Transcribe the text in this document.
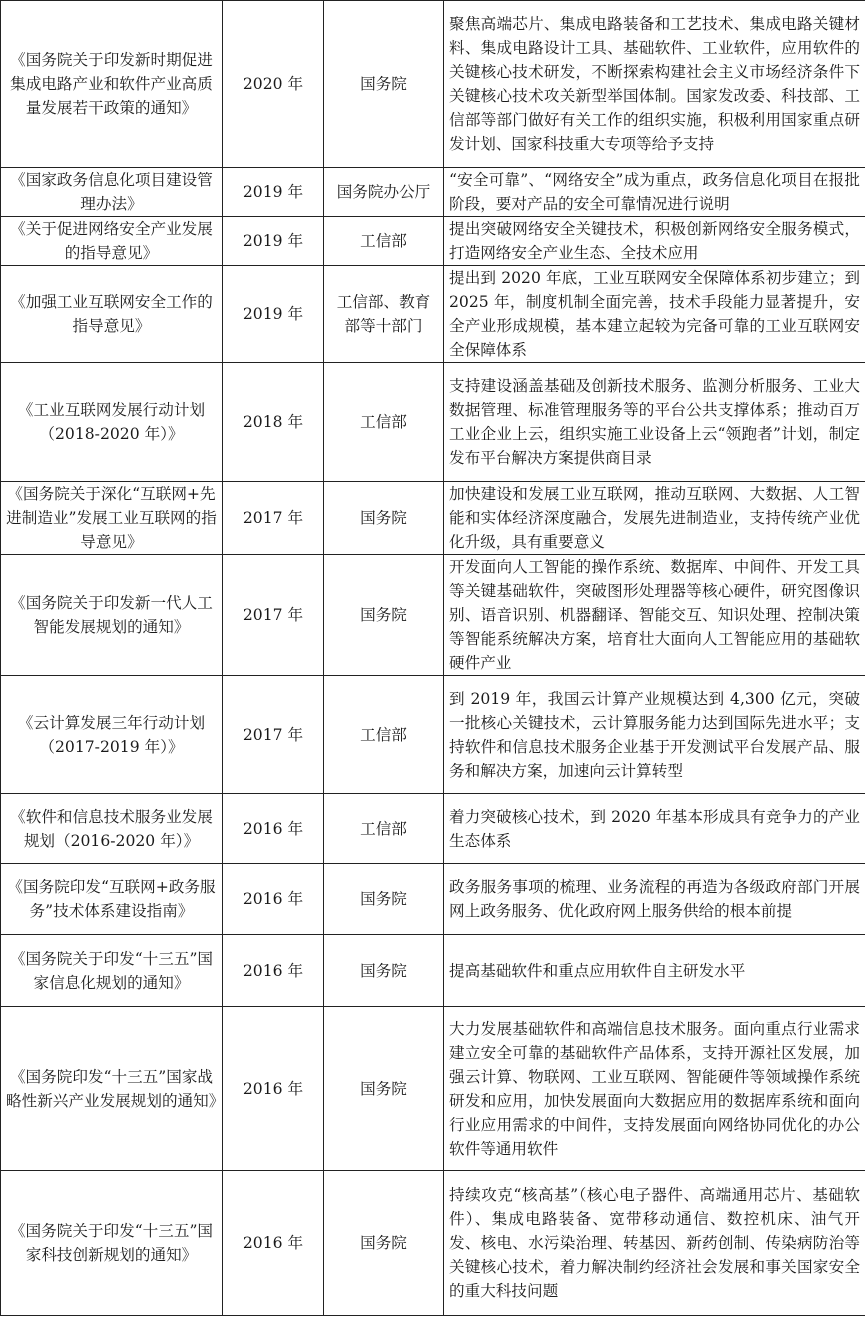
《国务院关于印发新时期促进集成电路产业和软件产业高质量发展若干政策的通知》	2020 年	国务院	聚焦高端芯片、集成电路装备和工艺技术、集成电路关键材料、集成电路设计工具、基础软件、工业软件，应用软件的关键核心技术研发，不断探索构建社会主义市场经济条件下关键核心技术攻关新型举国体制。国家发改委、科技部、工信部等部门做好有关工作的组织实施，积极利用国家重点研发计划、国家科技重大专项等给予支持
《国家政务信息化项目建设管理办法》	2019 年	国务院办公厅	“安全可靠”、“网络安全”成为重点，政务信息化项目在报批阶段，要对产品的安全可靠情况进行说明
《关于促进网络安全产业发展的指导意见》	2019 年	工信部	提出突破网络安全关键技术，积极创新网络安全服务模式，打造网络安全产业生态、全技术应用
《加强工业互联网安全工作的指导意见》	2019 年	工信部、教育部等十部门	提出到 2020 年底，工业互联网安全保障体系初步建立；到 2025 年，制度机制全面完善，技术手段能力显著提升，安全产业形成规模，基本建立起较为完备可靠的工业互联网安全保障体系
《工业互联网发展行动计划（2018-2020 年）》	2018 年	工信部	支持建设涵盖基础及创新技术服务、监测分析服务、工业大数据管理、标准管理服务等的平台公共支撑体系；推动百万工业企业上云，组织实施工业设备上云“领跑者”计划，制定发布平台解决方案提供商目录
《国务院关于深化“互联网+先进制造业”发展工业互联网的指导意见》	2017 年	国务院	加快建设和发展工业互联网，推动互联网、大数据、人工智能和实体经济深度融合，发展先进制造业，支持传统产业优化升级，具有重要意义
《国务院关于印发新一代人工智能发展规划的通知》	2017 年	国务院	开发面向人工智能的操作系统、数据库、中间件、开发工具等关键基础软件，突破图形处理器等核心硬件，研究图像识别、语音识别、机器翻译、智能交互、知识处理、控制决策等智能系统解决方案，培育壮大面向人工智能应用的基础软硬件产业
《云计算发展三年行动计划（2017-2019 年）》	2017 年	工信部	到 2019 年，我国云计算产业规模达到 4,300 亿元，突破一批核心关键技术，云计算服务能力达到国际先进水平；支持软件和信息技术服务企业基于开发测试平台发展产品、服务和解决方案，加速向云计算转型
《软件和信息技术服务业发展规划（2016-2020 年）》	2016 年	工信部	着力突破核心技术，到 2020 年基本形成具有竞争力的产业生态体系
《国务院印发“互联网+政务服务”技术体系建设指南》	2016 年	国务院	政务服务事项的梳理、业务流程的再造为各级政府部门开展网上政务服务、优化政府网上服务供给的根本前提
《国务院关于印发“十三五”国家信息化规划的通知》	2016 年	国务院	提高基础软件和重点应用软件自主研发水平
《国务院印发“十三五”国家战略性新兴产业发展规划的通知》	2016 年	国务院	大力发展基础软件和高端信息技术服务。面向重点行业需求建立安全可靠的基础软件产品体系，支持开源社区发展，加强云计算、物联网、工业互联网、智能硬件等领域操作系统研发和应用，加快发展面向大数据应用的数据库系统和面向行业应用需求的中间件，支持发展面向网络协同优化的办公软件等通用软件
《国务院关于印发“十三五”国家科技创新规划的通知》	2016 年	国务院	持续攻克“核高基”（核心电子器件、高端通用芯片、基础软件）、集成电路装备、宽带移动通信、数控机床、油气开发、核电、水污染治理、转基因、新药创制、传染病防治等关键核心技术，着力解决制约经济社会发展和事关国家安全的重大科技问题
